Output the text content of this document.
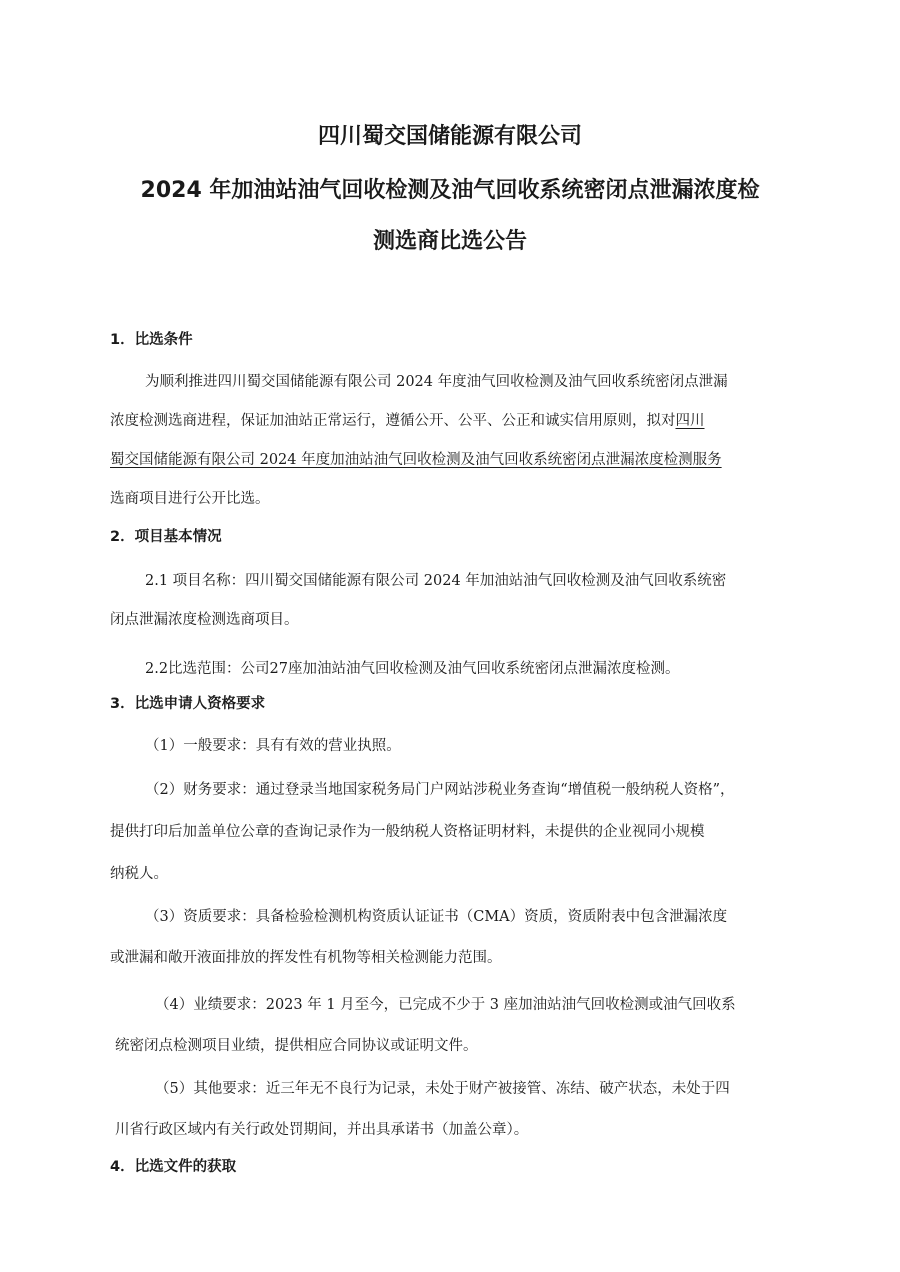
四川蜀交国储能源有限公司
2024 年加油站油气回收检测及油气回收系统密闭点泄漏浓度检
测选商比选公告
1．比选条件
为顺利推进四川蜀交国储能源有限公司 2024 年度油气回收检测及油气回收系统密闭点泄漏
浓度检测选商进程，保证加油站正常运行，遵循公开、公平、公正和诚实信用原则，拟对四川
蜀交国储能源有限公司 2024 年度加油站油气回收检测及油气回收系统密闭点泄漏浓度检测服务
选商项目进行公开比选。
2．项目基本情况
2.1 项目名称：四川蜀交国储能源有限公司 2024 年加油站油气回收检测及油气回收系统密
闭点泄漏浓度检测选商项目。
2.2比选范围：公司27座加油站油气回收检测及油气回收系统密闭点泄漏浓度检测。
3．比选申请人资格要求
（1）一般要求：具有有效的营业执照。
（2）财务要求：通过登录当地国家税务局门户网站涉税业务查询“增值税一般纳税人资格”，
提供打印后加盖单位公章的查询记录作为一般纳税人资格证明材料，未提供的企业视同小规模
纳税人。
（3）资质要求：具备检验检测机构资质认证证书（CMA）资质，资质附表中包含泄漏浓度
或泄漏和敞开液面排放的挥发性有机物等相关检测能力范围。
（4）业绩要求：2023 年 1 月至今，已完成不少于 3 座加油站油气回收检测或油气回收系
统密闭点检测项目业绩，提供相应合同协议或证明文件。
（5）其他要求：近三年无不良行为记录，未处于财产被接管、冻结、破产状态，未处于四
川省行政区域内有关行政处罚期间，并出具承诺书（加盖公章）。
4．比选文件的获取
